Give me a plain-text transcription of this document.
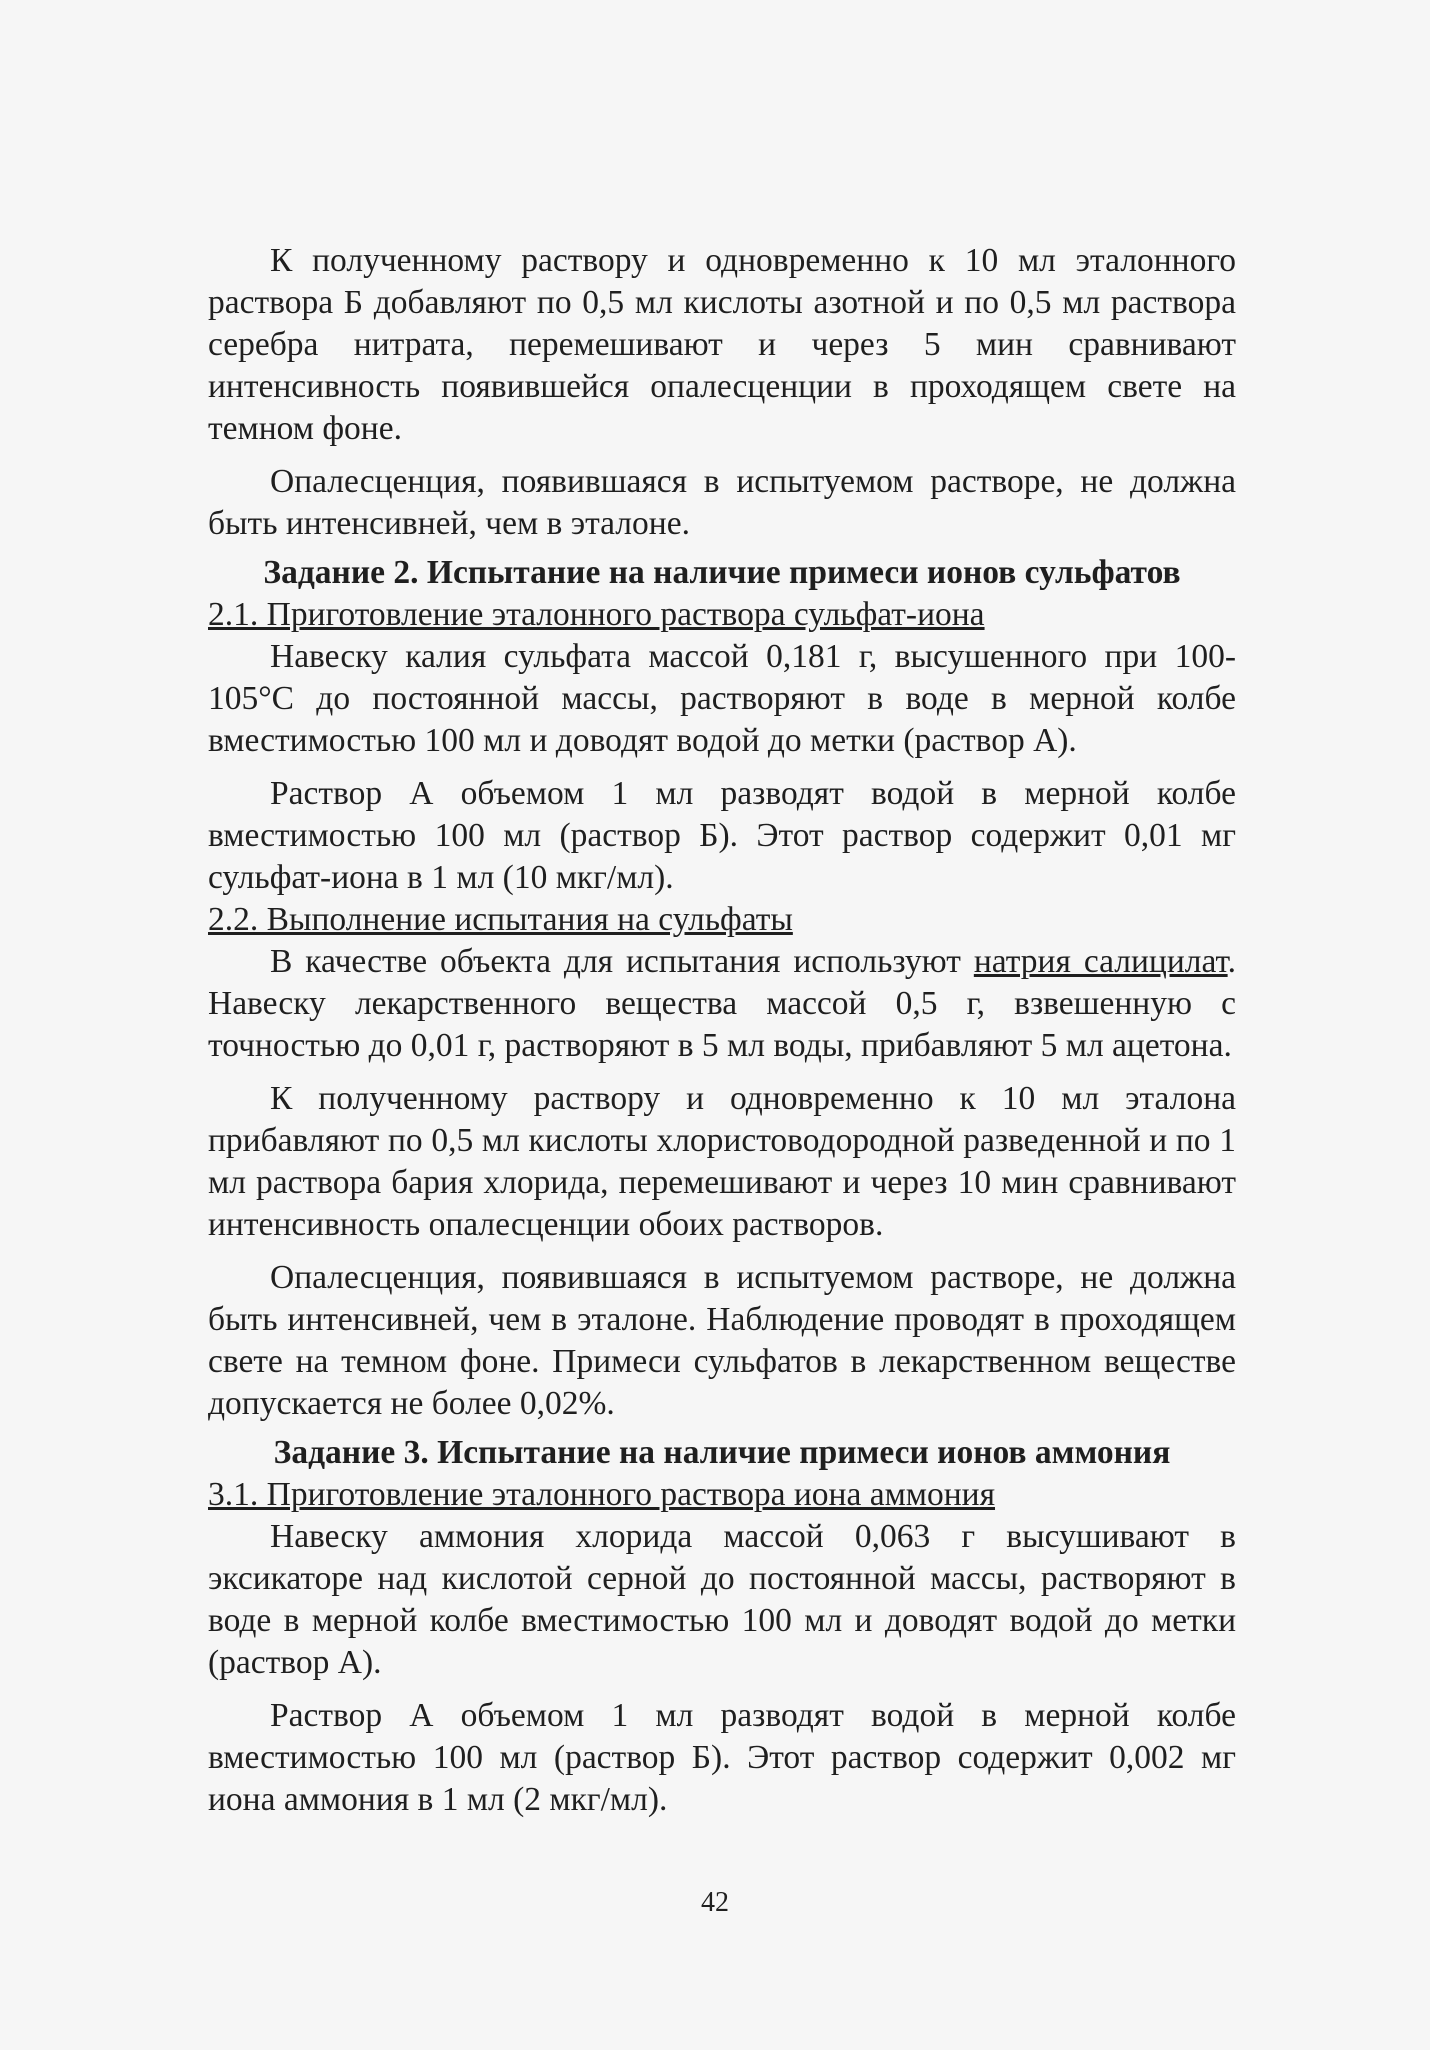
К полученному раствору и одновременно к 10 мл эталонного раствора Б добавляют по 0,5 мл кислоты азотной и по 0,5 мл раствора серебра нитрата, перемешивают и через 5 мин сравнивают интенсивность появившейся опалесценции в проходящем свете на темном фоне.

Опалесценция, появившаяся в испытуемом растворе, не должна быть интенсивней, чем в эталоне.

Задание 2. Испытание на наличие примеси ионов сульфатов
2.1. Приготовление эталонного раствора сульфат-иона

Навеску калия сульфата массой 0,181 г, высушенного при 100-105°С до постоянной массы, растворяют в воде в мерной колбе вместимостью 100 мл и доводят водой до метки (раствор А).

Раствор А объемом 1 мл разводят водой в мерной колбе вместимостью 100 мл (раствор Б). Этот раствор содержит 0,01 мг сульфат-иона в 1 мл (10 мкг/мл).

2.2. Выполнение испытания на сульфаты

В качестве объекта для испытания используют натрия салицилат. Навеску лекарственного вещества массой 0,5 г, взвешенную с точностью до 0,01 г, растворяют в 5 мл воды, прибавляют 5 мл ацетона.

К полученному раствору и одновременно к 10 мл эталона прибавляют по 0,5 мл кислоты хлористоводородной разведенной и по 1 мл раствора бария хлорида, перемешивают и через 10 мин сравнивают интенсивность опалесценции обоих растворов.

Опалесценция, появившаяся в испытуемом растворе, не должна быть интенсивней, чем в эталоне. Наблюдение проводят в проходящем свете на темном фоне. Примеси сульфатов в лекарственном веществе допускается не более 0,02%.

Задание 3. Испытание на наличие примеси ионов аммония
3.1. Приготовление эталонного раствора иона аммония

Навеску аммония хлорида массой 0,063 г высушивают в эксикаторе над кислотой серной до постоянной массы, растворяют в воде в мерной колбе вместимостью 100 мл и доводят водой до метки (раствор А).

Раствор А объемом 1 мл разводят водой в мерной колбе вместимостью 100 мл (раствор Б). Этот раствор содержит 0,002 мг иона аммония в 1 мл (2 мкг/мл).

42
